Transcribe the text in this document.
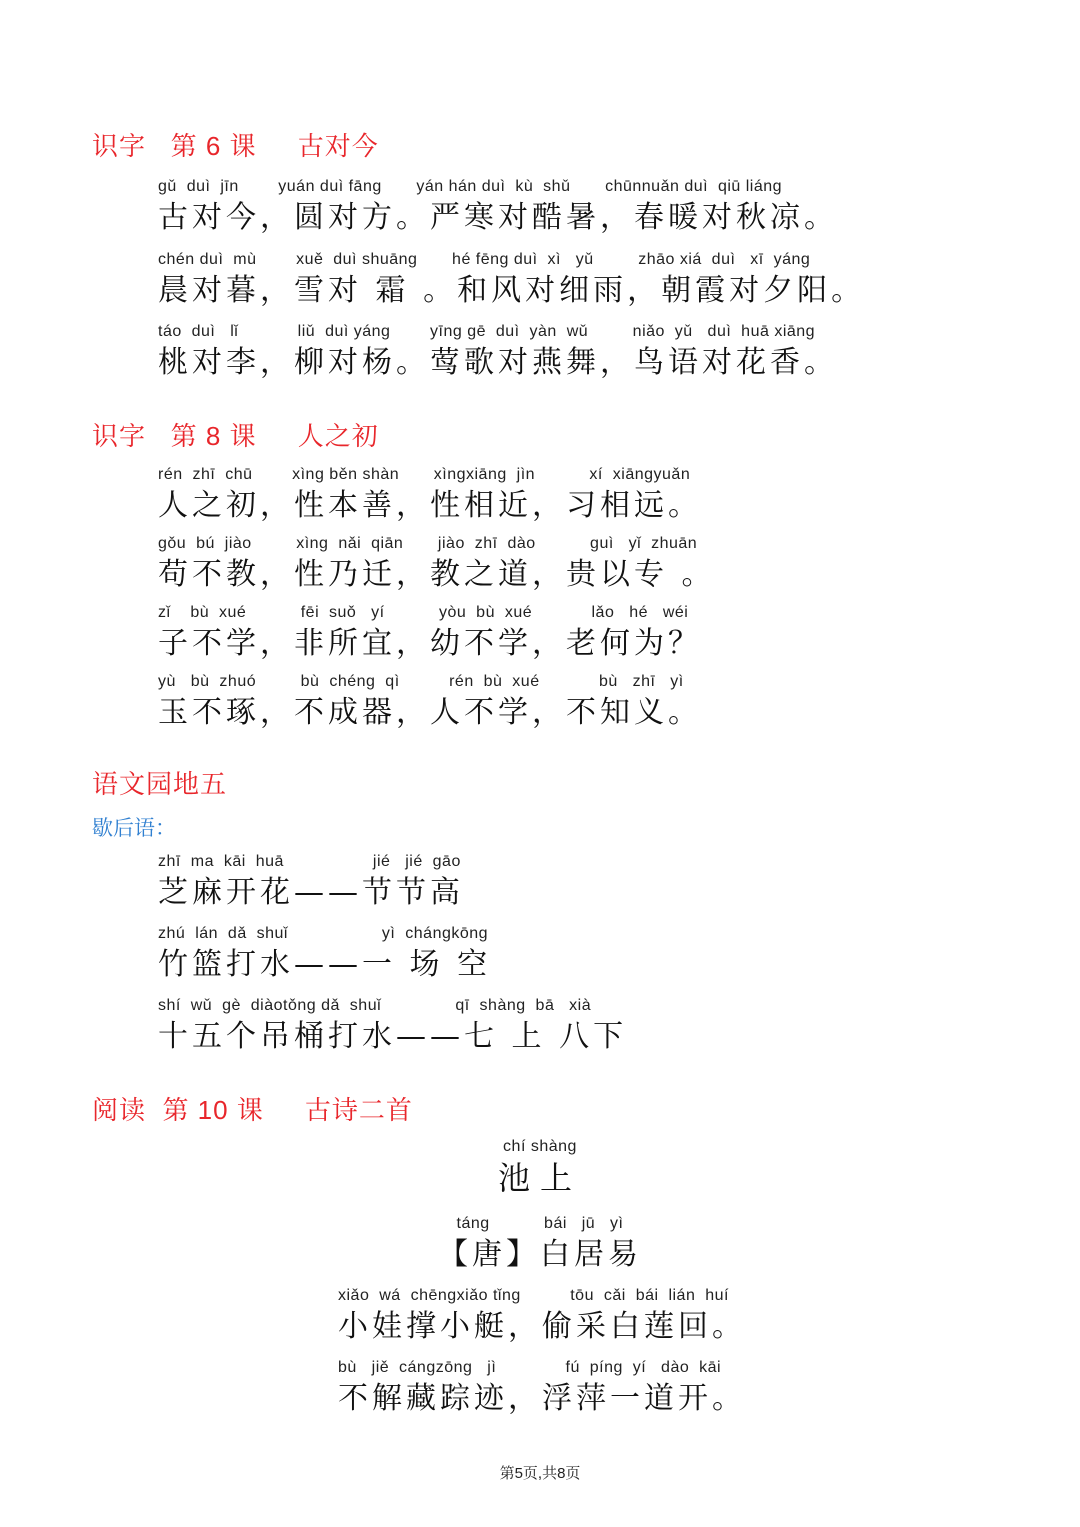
识字   第 6 课     古对今
gǔ  duì  jīn        yuán duì fāng       yán hán duì  kù  shǔ       chūnnuǎn duì  qiū liáng
古对今，圆对方。严寒对酷暑，春暖对秋凉。
chén duì  mù        xuě  duì shuāng       hé fēng duì  xì   yǔ         zhāo xiá  duì   xī  yáng
晨对暮，雪对 霜 。和风对细雨，朝霞对夕阳。
táo  duì   lǐ            liǔ  duì yáng        yīng gē  duì  yàn  wǔ         niǎo  yǔ   duì  huā xiāng
桃对李，柳对杨。莺歌对燕舞，鸟语对花香。
识字   第 8 课     人之初
rén  zhī  chū        xìng běn shàn       xìngxiāng  jìn           xí  xiāngyuǎn
人之初，性本善，性相近，习相远。
gǒu  bú  jiào         xìng  nǎi  qiān       jiào  zhī  dào           guì   yǐ  zhuān
苟不教，性乃迁，教之道，贵以专 。
zǐ    bù  xué           fēi  suǒ   yí           yòu  bù  xué            lǎo   hé   wéi
子不学，非所宜，幼不学，老何为？
yù   bù  zhuó         bù  chéng  qì          rén  bù  xué            bù   zhī   yì
玉不琢，不成器，人不学，不知义。
语文园地五
歇后语：
zhī  ma  kāi  huā                  jié   jié  gāo
芝麻开花——节节高
zhú  lán  dǎ  shuǐ                   yì  chángkōng
竹篮打水——一 场 空
shí  wǔ  gè  diàotǒng dǎ  shuǐ               qī  shàng  bā   xià
十五个吊桶打水——七 上 八下
阅读  第 10 课     古诗二首
chí shàng
池上
táng           bái   jū   yì
【唐】白居易
xiǎo  wá  chēngxiǎo tǐng          tōu  cǎi  bái  lián  huí
小娃撑小艇，偷采白莲回。
bù   jiě  cángzōng   jì              fú  píng  yí   dào  kāi
不解藏踪迹，浮萍一道开。
第5页,共8页
